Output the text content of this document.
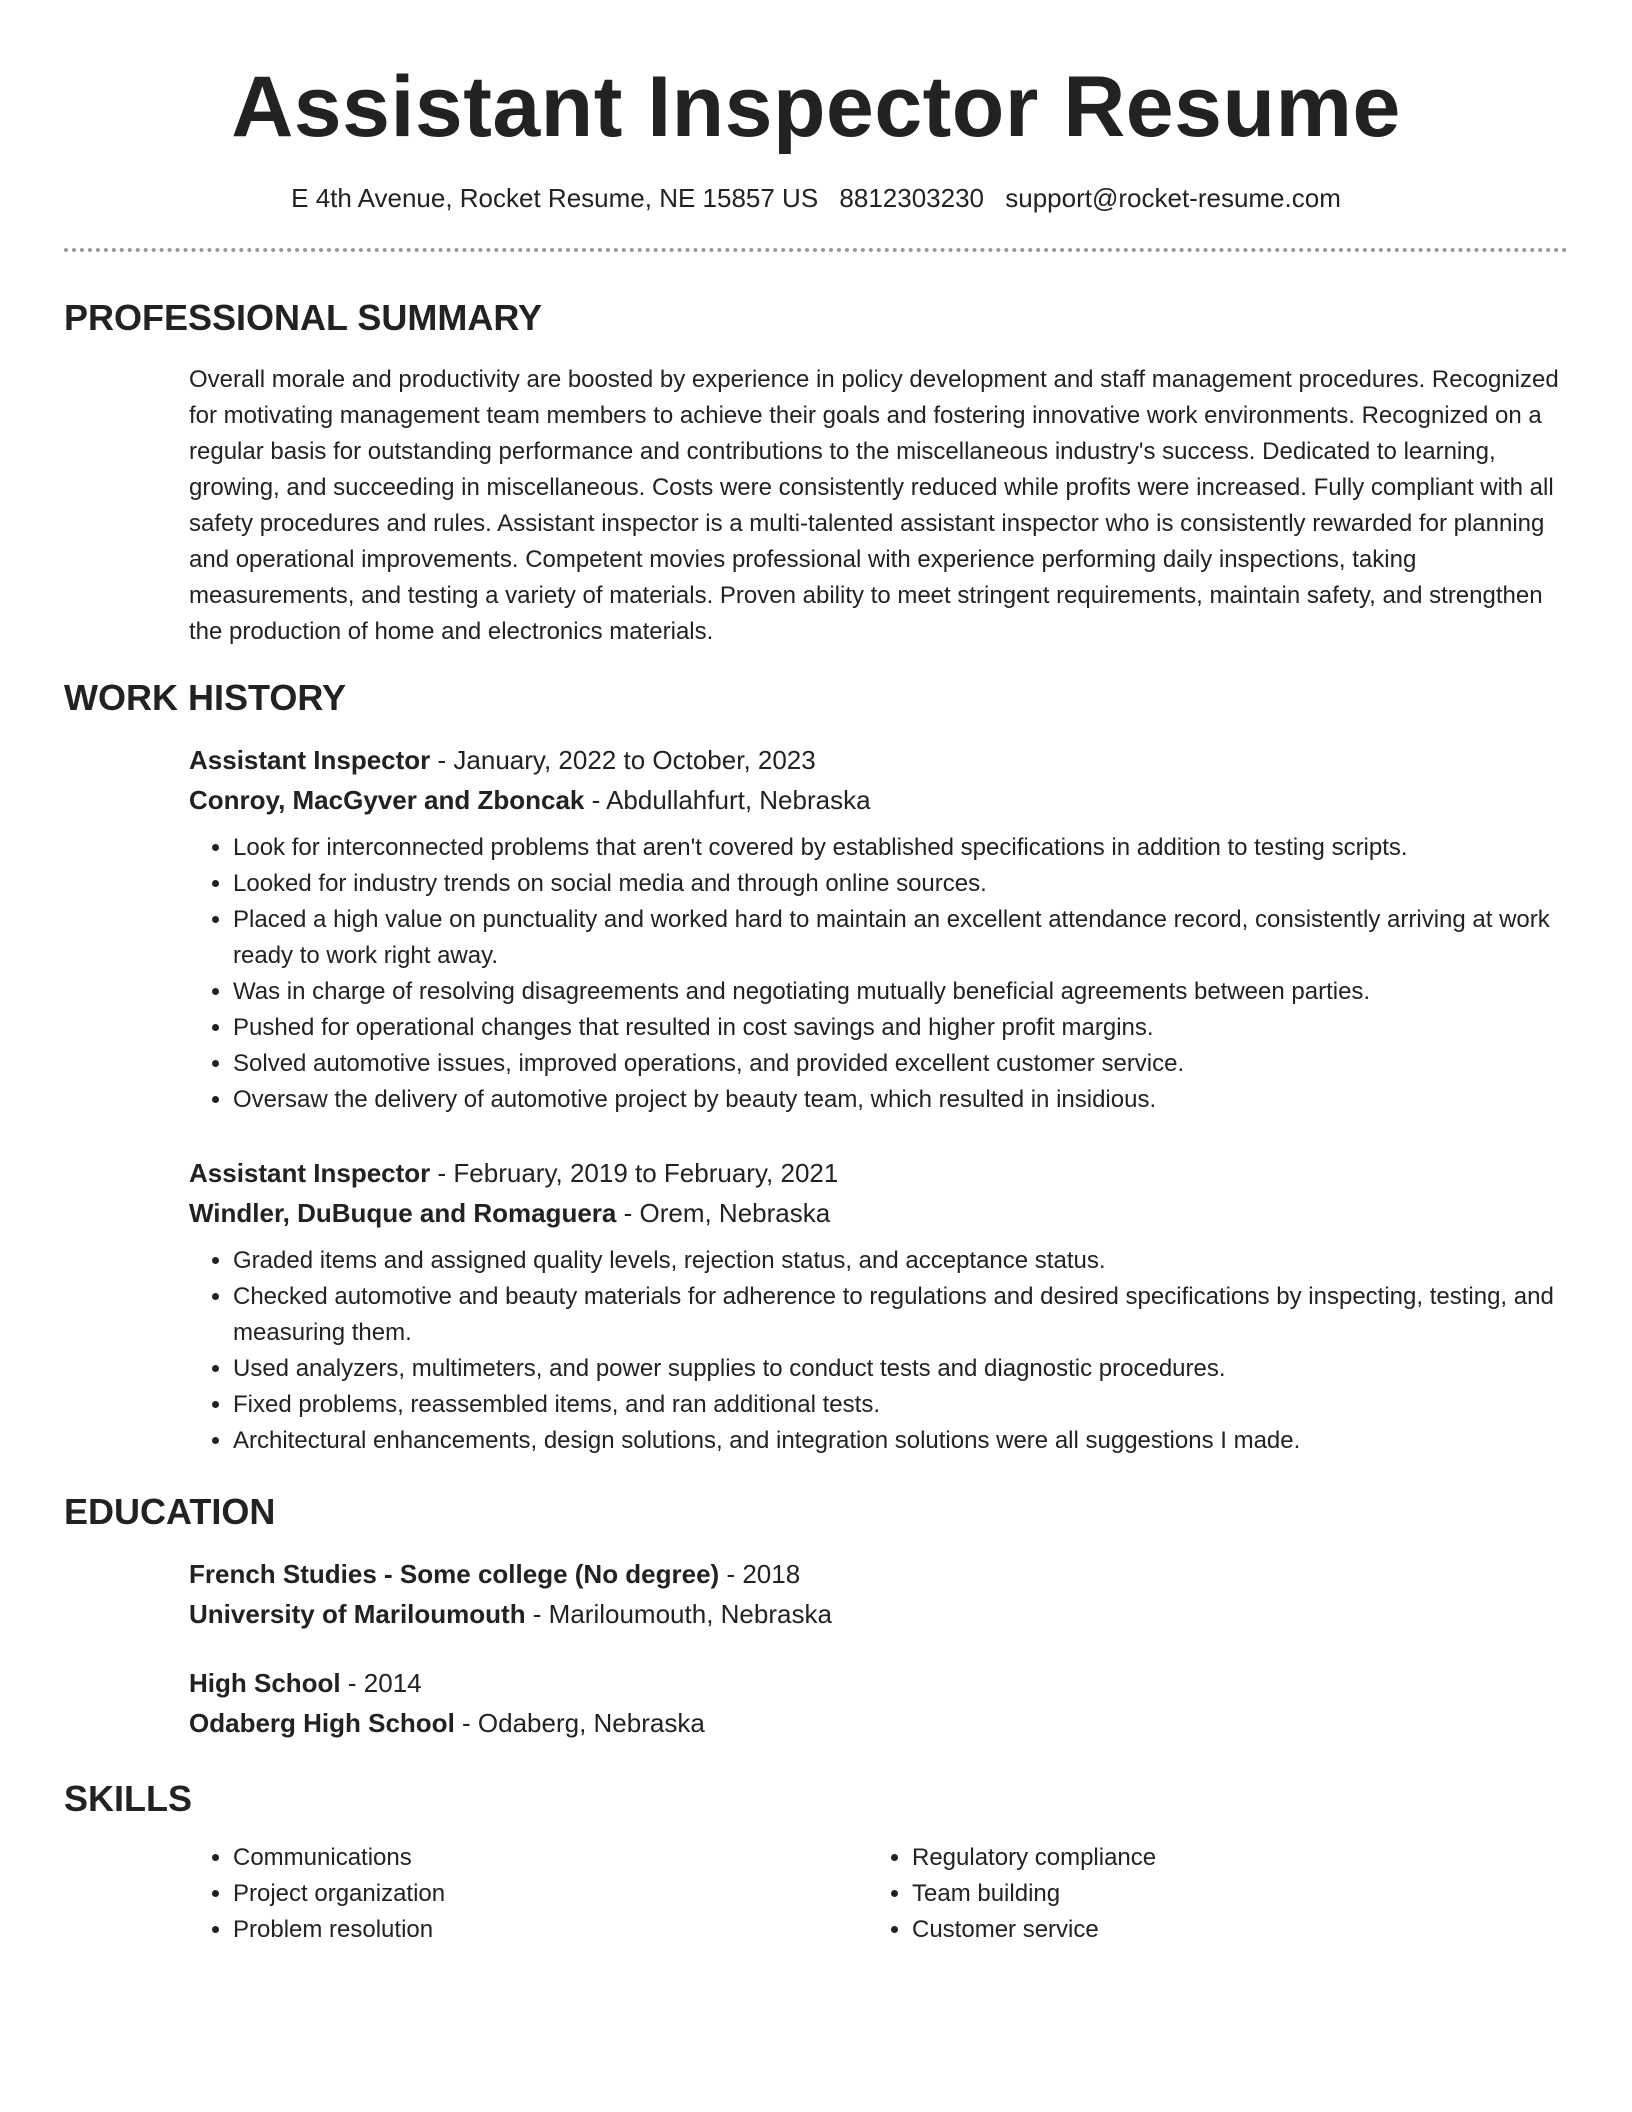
Assistant Inspector Resume
E 4th Avenue, Rocket Resume, NE 15857 US 8812303230 support@rocket-resume.com
PROFESSIONAL SUMMARY

Overall morale and productivity are boosted by experience in policy development and staff management procedures. Recognized for motivating management team members to achieve their goals and fostering innovative work environments. Recognized on a regular basis for outstanding performance and contributions to the miscellaneous industry's success. Dedicated to learning, growing, and succeeding in miscellaneous. Costs were consistently reduced while profits were increased. Fully compliant with all safety procedures and rules. Assistant inspector is a multi-talented assistant inspector who is consistently rewarded for planning and operational improvements. Competent movies professional with experience performing daily inspections, taking measurements, and testing a variety of materials. Proven ability to meet stringent requirements, maintain safety, and strengthen the production of home and electronics materials.

WORK HISTORY

Assistant Inspector - January, 2022 to October, 2023

Conroy, MacGyver and Zboncak - Abdullahfurt, Nebraska

• Look for interconnected problems that aren't covered by established specifications in addition to testing scripts.
• Looked for industry trends on social media and through online sources.
• Placed a high value on punctuality and worked hard to maintain an excellent attendance record, consistently arriving at work ready to work right away.
• Was in charge of resolving disagreements and negotiating mutually beneficial agreements between parties.
• Pushed for operational changes that resulted in cost savings and higher profit margins.
• Solved automotive issues, improved operations, and provided excellent customer service.
• Oversaw the delivery of automotive project by beauty team, which resulted in insidious.

Assistant Inspector - February, 2019 to February, 2021

Windler, DuBuque and Romaguera - Orem, Nebraska

• Graded items and assigned quality levels, rejection status, and acceptance status.
• Checked automotive and beauty materials for adherence to regulations and desired specifications by inspecting, testing, and measuring them.
• Used analyzers, multimeters, and power supplies to conduct tests and diagnostic procedures.
• Fixed problems, reassembled items, and ran additional tests.
• Architectural enhancements, design solutions, and integration solutions were all suggestions I made.
EDUCATION

French Studies - Some college (No degree) - 2018

University of Mariloumouth - Mariloumouth, Nebraska

High School - 2014

Odaberg High School - Odaberg, Nebraska

SKILLS
• Communications
• Project organization
• Problem resolution
• Regulatory compliance
• Team building
• Customer service
